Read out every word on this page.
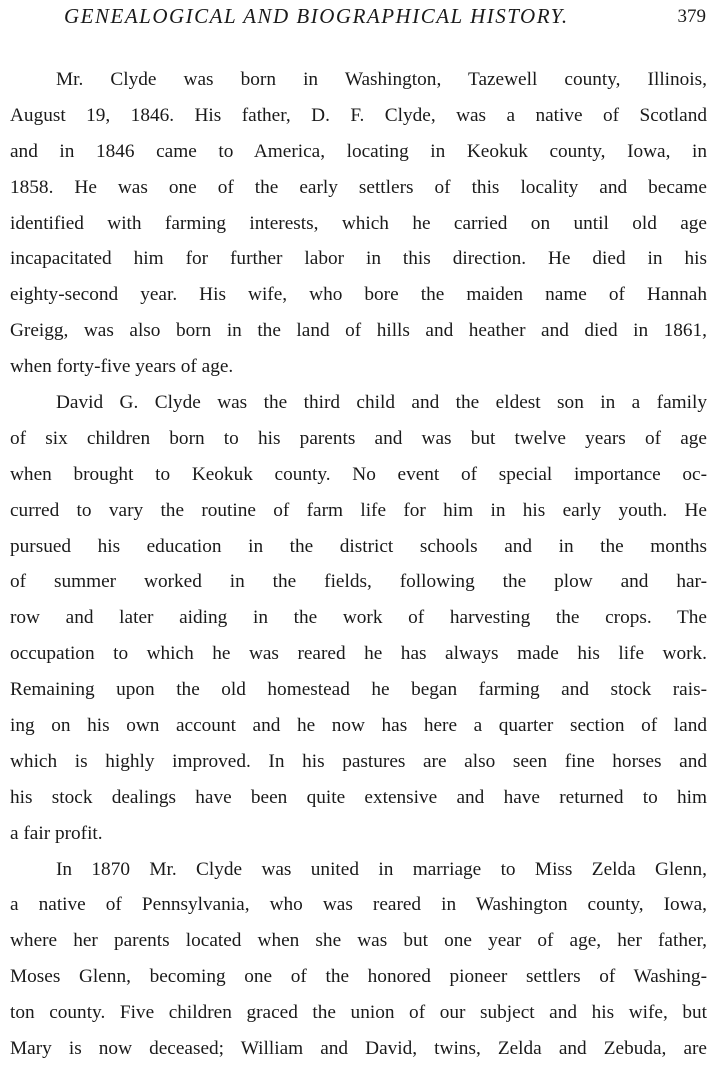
GENEALOGICAL AND BIOGRAPHICAL HISTORY.	379

Mr. Clyde was born in Washington, Tazewell county, Illinois,
August 19, 1846. His father, D. F. Clyde, was a native of Scotland
and in 1846 came to America, locating in Keokuk county, Iowa, in
1858. He was one of the early settlers of this locality and became
identified with farming interests, which he carried on until old age
incapacitated him for further labor in this direction. He died in his
eighty-second year. His wife, who bore the maiden name of Hannah
Greigg, was also born in the land of hills and heather and died in 1861,
when forty-five years of age.

David G. Clyde was the third child and the eldest son in a family
of six children born to his parents and was but twelve years of age
when brought to Keokuk county. No event of special importance oc-
curred to vary the routine of farm life for him in his early youth. He
pursued his education in the district schools and in the months
of summer worked in the fields, following the plow and har-
row and later aiding in the work of harvesting the crops. The
occupation to which he was reared he has always made his life work.
Remaining upon the old homestead he began farming and stock rais-
ing on his own account and he now has here a quarter section of land
which is highly improved. In his pastures are also seen fine horses and
his stock dealings have been quite extensive and have returned to him
a fair profit.

In 1870 Mr. Clyde was united in marriage to Miss Zelda Glenn,
a native of Pennsylvania, who was reared in Washington county, Iowa,
where her parents located when she was but one year of age, her father,
Moses Glenn, becoming one of the honored pioneer settlers of Washing-
ton county. Five children graced the union of our subject and his wife, but
Mary is now deceased; William and David, twins, Zelda and Zebuda, are
